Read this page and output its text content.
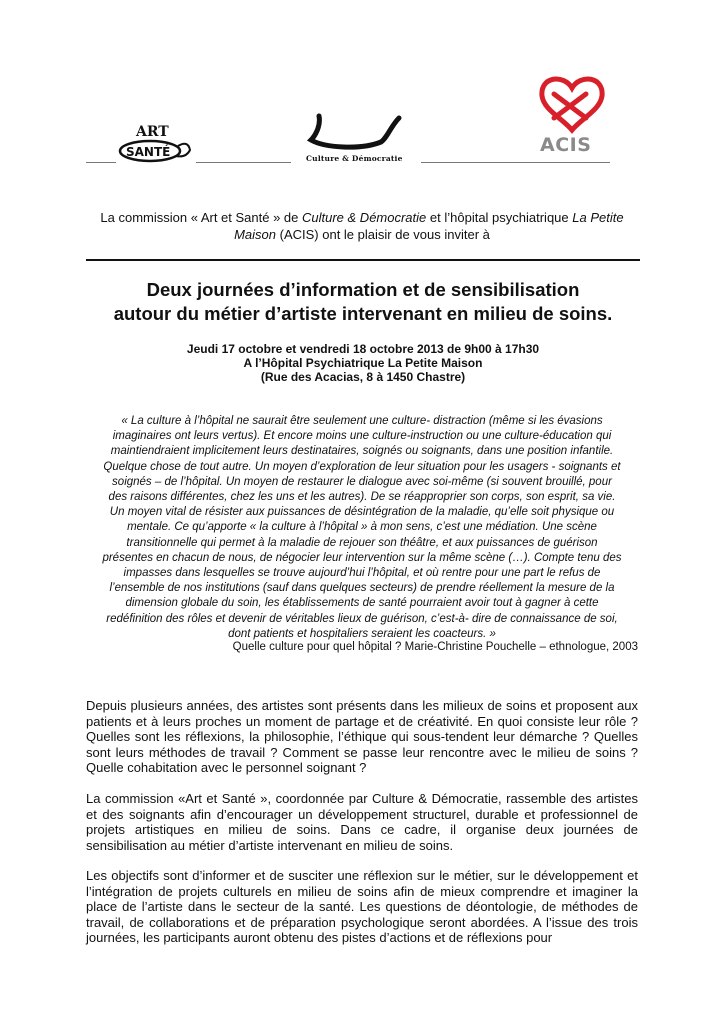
ART
SANTÉ	Culture & Démocratie
ACIS
La commission « Art et Santé » de Culture & Démocratie et l’hôpital psychiatrique La Petite Maison (ACIS) ont le plaisir de vous inviter à
Deux journées d’information et de sensibilisation
autour du métier d’artiste intervenant en milieu de soins.
Jeudi 17 octobre et vendredi 18 octobre 2013 de 9h00 à 17h30
A l’Hôpital Psychiatrique La Petite Maison
(Rue des Acacias, 8 à 1450 Chastre)
« La culture à l’hôpital ne saurait être seulement une culture- distraction (même si les évasions
imaginaires ont leurs vertus). Et encore moins une culture-instruction ou une culture-éducation qui
maintiendraient implicitement leurs destinataires, soignés ou soignants, dans une position infantile.
Quelque chose de tout autre. Un moyen d’exploration de leur situation pour les usagers - soignants et
soignés – de l’hôpital. Un moyen de restaurer le dialogue avec soi-même (si souvent brouillé, pour
des raisons différentes, chez les uns et les autres). De se réapproprier son corps, son esprit, sa vie.
Un moyen vital de résister aux puissances de désintégration de la maladie, qu’elle soit physique ou
mentale. Ce qu’apporte « la culture à l’hôpital » à mon sens, c’est une médiation. Une scène
transitionnelle qui permet à la maladie de rejouer son théâtre, et aux puissances de guérison
présentes en chacun de nous, de négocier leur intervention sur la même scène (…). Compte tenu des
impasses dans lesquelles se trouve aujourd’hui l’hôpital, et où rentre pour une part le refus de
l’ensemble de nos institutions (sauf dans quelques secteurs) de prendre réellement la mesure de la
dimension globale du soin, les établissements de santé pourraient avoir tout à gagner à cette
redéfinition des rôles et devenir de véritables lieux de guérison, c’est-à- dire de connaissance de soi,
dont patients et hospitaliers seraient les coacteurs. »
Quelle culture pour quel hôpital ? Marie-Christine Pouchelle – ethnologue, 2003
Depuis plusieurs années, des artistes sont présents dans les milieux de soins et proposent aux patients et à leurs proches un moment de partage et de créativité. En quoi consiste leur rôle ? Quelles sont les réflexions, la philosophie, l’éthique qui sous-tendent leur démarche ? Quelles sont leurs méthodes de travail ? Comment se passe leur rencontre avec le milieu de soins ? Quelle cohabitation avec le personnel soignant ?
La commission «Art et Santé », coordonnée par Culture & Démocratie, rassemble des artistes et des soignants afin d’encourager un développement structurel, durable et professionnel de projets artistiques en milieu de soins. Dans ce cadre, il organise deux journées de sensibilisation au métier d’artiste intervenant en milieu de soins.
Les objectifs sont d’informer et de susciter une réflexion sur le métier, sur le développement et l’intégration de projets culturels en milieu de soins afin de mieux comprendre et imaginer la place de l’artiste dans le secteur de la santé. Les questions de déontologie, de méthodes de travail, de collaborations et de préparation psychologique seront abordées. A l’issue des trois journées, les participants auront obtenu des pistes d’actions et de réflexions pour
